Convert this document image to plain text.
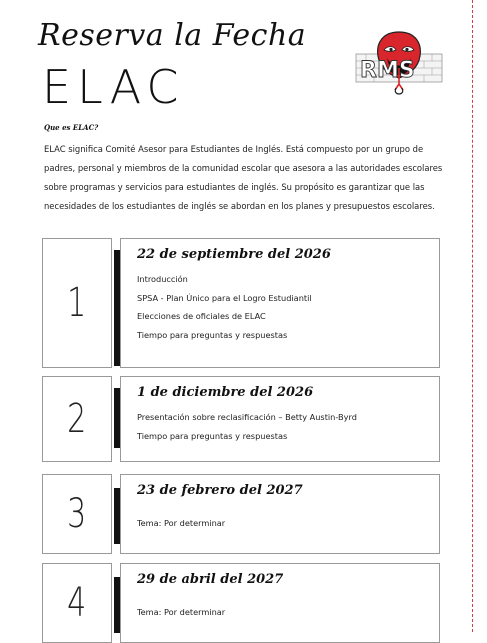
Reserva la Fecha
ELAC	RMS
Que es ELAC?

ELAC significa Comité Asesor para Estudiantes de Inglés. Está compuesto por un grupo de padres, personal y miembros de la comunidad escolar que asesora a las autoridades escolares sobre programas y servicios para estudiantes de inglés. Su propósito es garantizar que las necesidades de los estudiantes de inglés se abordan en los planes y presupuestos escolares.

1
22 de septiembre del 2026
Introducción
SPSA - Plan Único para el Logro Estudiantil
Elecciones de oficiales de ELAC
Tiempo para preguntas y respuestas
2
1 de diciembre del 2026
Presentación sobre reclasificación – Betty Austin-Byrd
Tiempo para preguntas y respuestas
3
23 de febrero del 2027
Tema: Por determinar
4
29 de abril del 2027
Tema: Por determinar
